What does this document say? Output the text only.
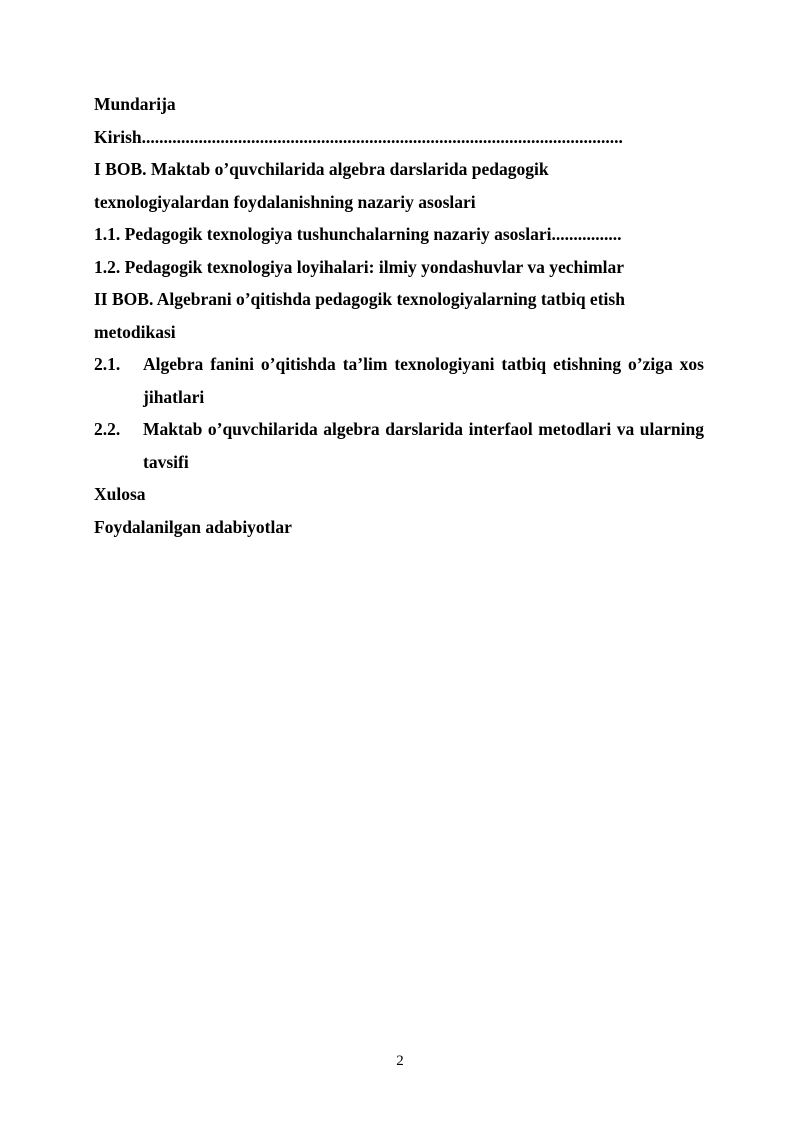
Mundarija
Kirish..............................................................................................................
I BOB. Maktab o’quvchilarida algebra darslarida pedagogik
texnologiyalardan foydalanishning nazariy asoslari
1.1. Pedagogik texnologiya tushunchalarning nazariy asoslari................
1.2. Pedagogik texnologiya loyihalari: ilmiy yondashuvlar va yechimlar
II BOB. Algebrani o’qitishda pedagogik texnologiyalarning tatbiq etish
metodikasi
2.1.	Algebra fanini o’qitishda ta’lim texnologiyani tatbiq etishning o’ziga xos jihatlari
2.2.	Maktab o’quvchilarida algebra darslarida interfaol metodlari va ularning tavsifi
Xulosa
Foydalanilgan adabiyotlar
2
